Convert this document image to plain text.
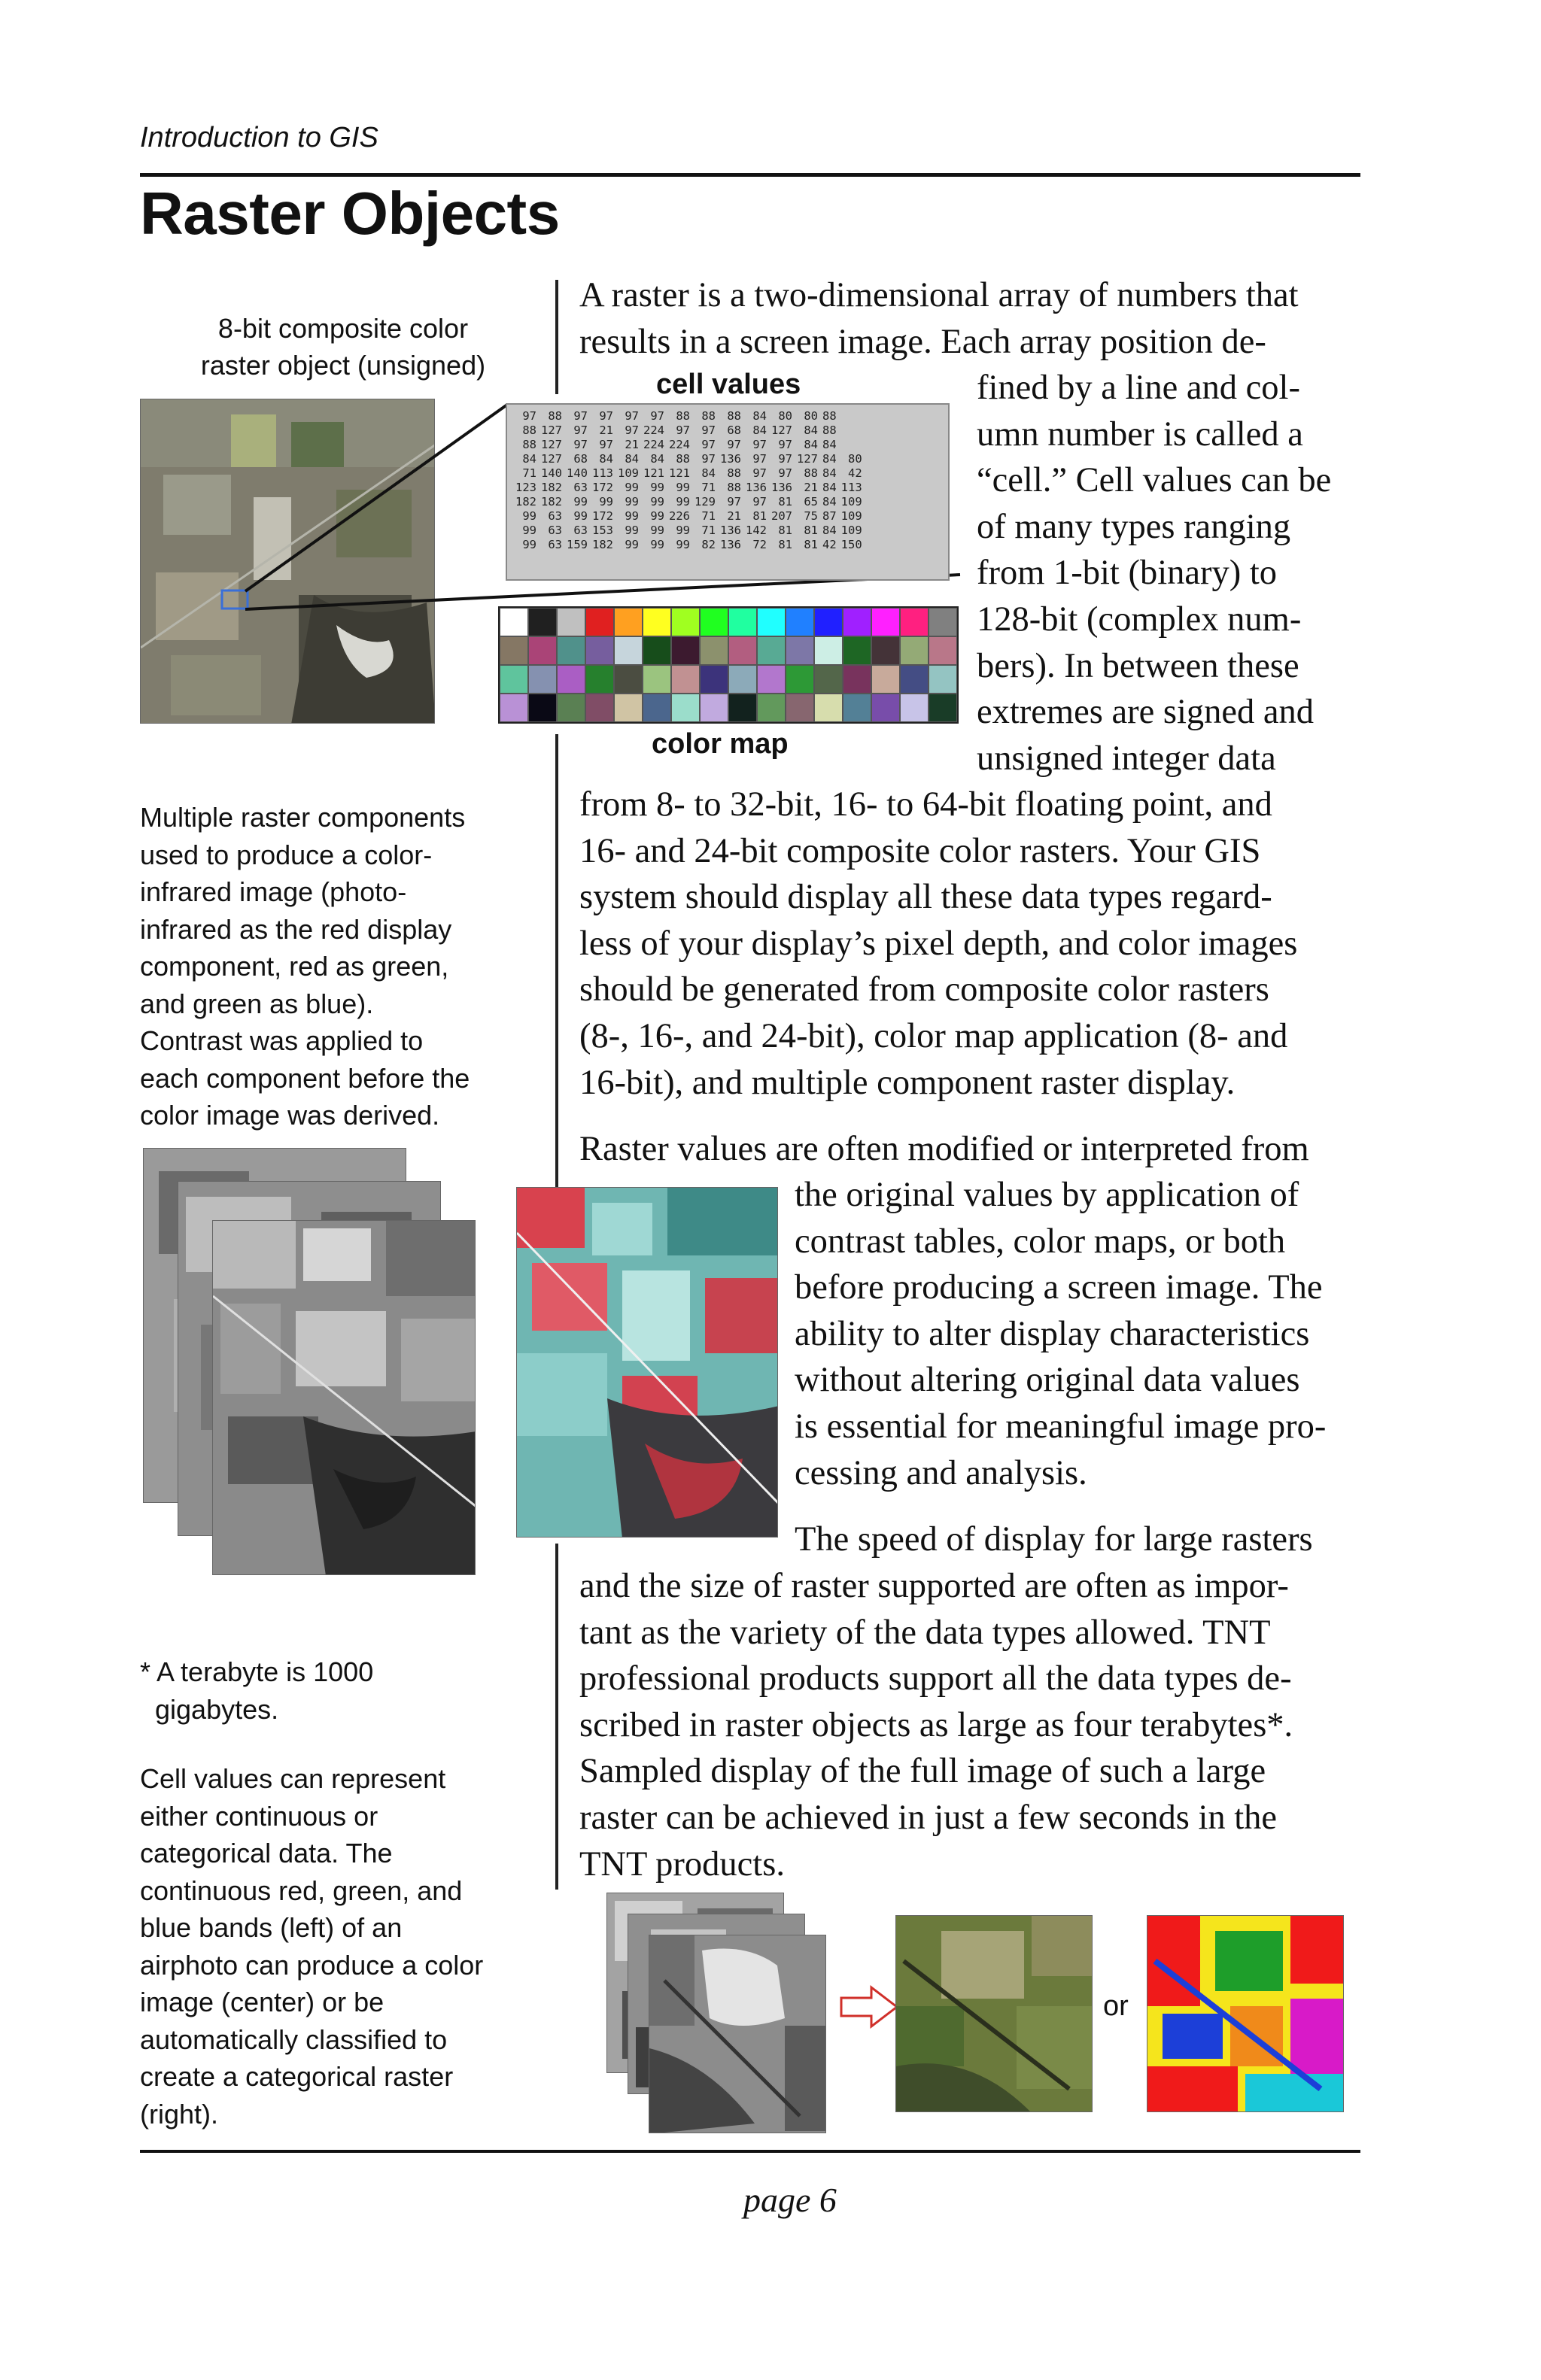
Introduction to GIS
Raster Objects
8-bit composite color
raster object (unsigned)
cell values
97	88	97	97	97	97	88	88	88	84	80	80	88	
88	127	97	21	97	224	97	97	68	84	127	84	88	
88	127	97	97	21	224	224	97	97	97	97	84	84	
84	127	68	84	84	84	88	97	136	97	97	127	84	80
71	140	140	113	109	121	121	84	88	97	97	88	84	42
123	182	63	172	99	99	99	71	88	136	136	21	84	113
182	182	99	99	99	99	99	129	97	97	81	65	84	109
99	63	99	172	99	99	226	71	21	81	207	75	87	109
99	63	63	153	99	99	99	71	136	142	81	81	84	109
99	63	159	182	99	99	99	82	136	72	81	81	42	150
color map
A raster is a two-dimensional array of numbers that
results in a screen image. Each array position de-
fined by a line and col-
umn number is called a
“cell.” Cell values can be
of many types ranging
from 1-bit (binary) to
128-bit (complex num-
bers). In between these
extremes are signed and
unsigned integer data
from 8- to 32-bit, 16- to 64-bit floating point, and
16- and 24-bit composite color rasters. Your GIS
system should display all these data types regard-
less of your display’s pixel depth, and color images
should be generated from composite color rasters
(8-, 16-, and 24-bit), color map application (8- and
16-bit), and multiple component raster display.
Multiple raster components
used to produce a color-
infrared image (photo-
infrared as the red display
component, red as green,
and green as blue).
Contrast was applied to
each component before the
color image was derived.
Raster values are often modified or interpreted from
the original values by application of
contrast tables, color maps, or both
before producing a screen image. The
ability to alter display characteristics
without altering original data values
is essential for meaningful image pro-
cessing and analysis.
The speed of display for large rasters
and the size of raster supported are often as impor-
tant as the variety of the data types allowed. TNT
professional products support all the data types de-
scribed in raster objects as large as four terabytes*.
Sampled display of the full image of such a large
raster can be achieved in just a few seconds in the
TNT products.
* A terabyte is 1000
gigabytes.
Cell values can represent
either continuous or
categorical data. The
continuous red, green, and
blue bands (left) of an
airphoto can produce a color
image (center) or be
automatically classified to
create a categorical raster
(right).
or
page 6
